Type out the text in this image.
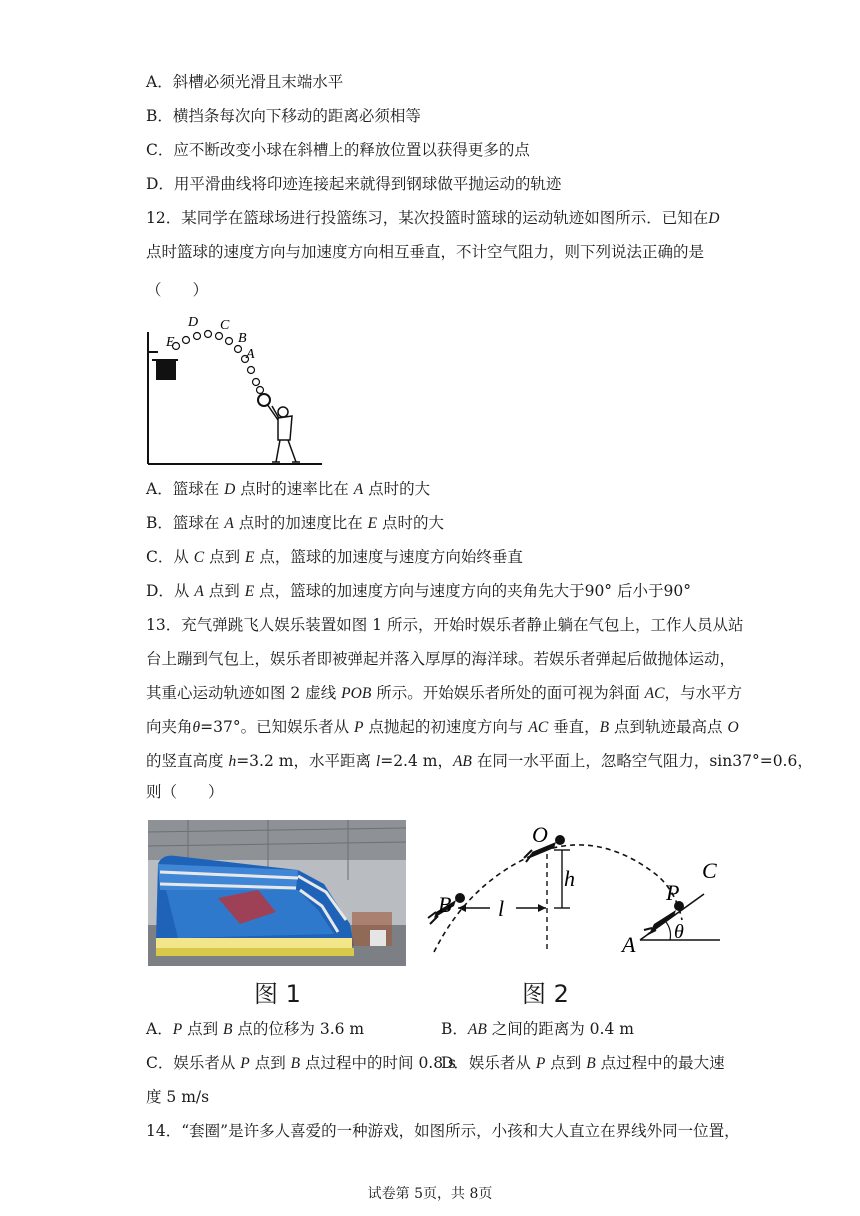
A．斜槽必须光滑且末端水平
B．横挡条每次向下移动的距离必须相等
C．应不断改变小球在斜槽上的释放位置以获得更多的点
D．用平滑曲线将印迹连接起来就得到钢球做平抛运动的轨迹
12．某同学在篮球场进行投篮练习，某次投篮时篮球的运动轨迹如图所示．已知在D
点时篮球的速度方向与加速度方向相互垂直，不计空气阻力，则下列说法正确的是
（　　）
E
D C
B
A
A．篮球在 D 点时的速率比在 A 点时的大
B．篮球在 A 点时的加速度比在 E 点时的大
C．从 C 点到 E 点，篮球的加速度与速度方向始终垂直
D．从 A 点到 E 点，篮球的加速度方向与速度方向的夹角先大于90° 后小于90°
13．充气弹跳飞人娱乐装置如图 1 所示，开始时娱乐者静止躺在气包上，工作人员从站
台上蹦到气包上，娱乐者即被弹起并落入厚厚的海洋球。若娱乐者弹起后做抛体运动，
其重心运动轨迹如图 2 虚线 POB 所示。开始娱乐者所处的面可视为斜面 AC，与水平方
向夹角θ=37°。已知娱乐者从 P 点抛起的初速度方向与 AC 垂直，B 点到轨迹最高点 O
的竖直高度 h=3.2 m，水平距离 l=2.4 m，AB 在同一水平面上，忽略空气阻力，sin37°=0.6，
则（　　）
图 1
O
h
B l
P
C
A θ
图 2
A．P 点到 B 点的位移为 3.6 m	B．AB 之间的距离为 0.4 m
C．娱乐者从 P 点到 B 点过程中的时间 0.8 s
D．娱乐者从 P 点到 B 点过程中的最大速
度 5 m/s
14．“套圈”是许多人喜爱的一种游戏，如图所示，小孩和大人直立在界线外同一位置，
试卷第 5页，共 8页
